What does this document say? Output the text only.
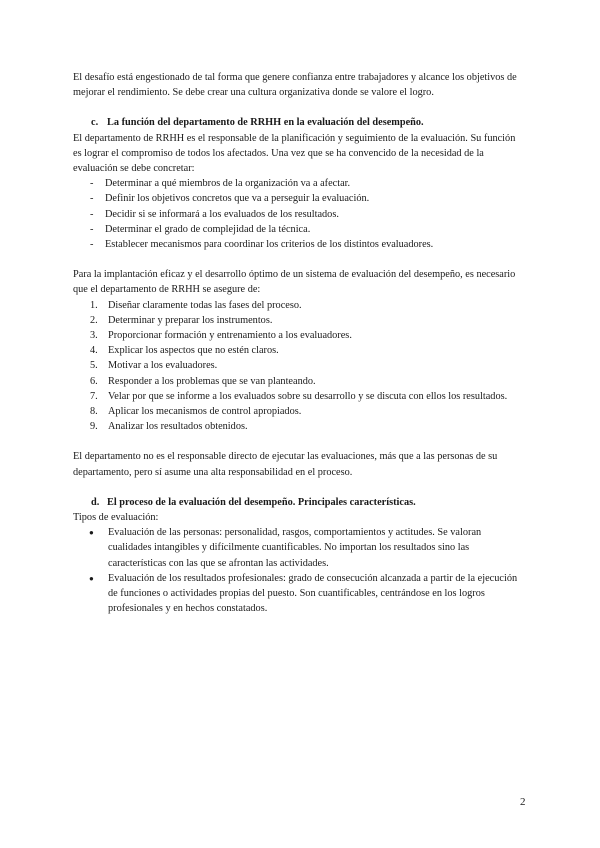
El desafío está engestionado de tal forma que genere confianza entre trabajadores y alcance los objetivos de mejorar el rendimiento. Se debe crear una cultura organizativa donde se valore el logro.

c. La función del departamento de RRHH en la evaluación del desempeño.

El departamento de RRHH es el responsable de la planificación y seguimiento de la evaluación. Su función es lograr el compromiso de todos los afectados. Una vez que se ha convencido de la necesidad de la evaluación se debe concretar:

- Determinar a qué miembros de la organización va a afectar.
- Definir los objetivos concretos que va a perseguir la evaluación.
- Decidir si se informará a los evaluados de los resultados.
- Determinar el grado de complejidad de la técnica.
- Establecer mecanismos para coordinar los criterios de los distintos evaluadores.

Para la implantación eficaz y el desarrollo óptimo de un sistema de evaluación del desempeño, es necesario que el departamento de RRHH se asegure de:

1. Diseñar claramente todas las fases del proceso.
2. Determinar y preparar los instrumentos.
3. Proporcionar formación y entrenamiento a los evaluadores.
4. Explicar los aspectos que no estén claros.
5. Motivar a los evaluadores.
6. Responder a los problemas que se van planteando.
7. Velar por que se informe a los evaluados sobre su desarrollo y se discuta con ellos los resultados.
8. Aplicar los mecanismos de control apropiados.
9. Analizar los resultados obtenidos.

El departamento no es el responsable directo de ejecutar las evaluaciones, más que a las personas de su departamento, pero sí asume una alta responsabilidad en el proceso.

d. El proceso de la evaluación del desempeño. Principales características.

Tipos de evaluación:

● Evaluación de las personas: personalidad, rasgos, comportamientos y actitudes. Se valoran cualidades intangibles y difícilmente cuantificables. No importan los resultados sino las características con las que se afrontan las actividades.
● Evaluación de los resultados profesionales: grado de consecución alcanzada a partir de la ejecución de funciones o actividades propias del puesto. Son cuantificables, centrándose en los logros profesionales y en hechos constatados.
2
